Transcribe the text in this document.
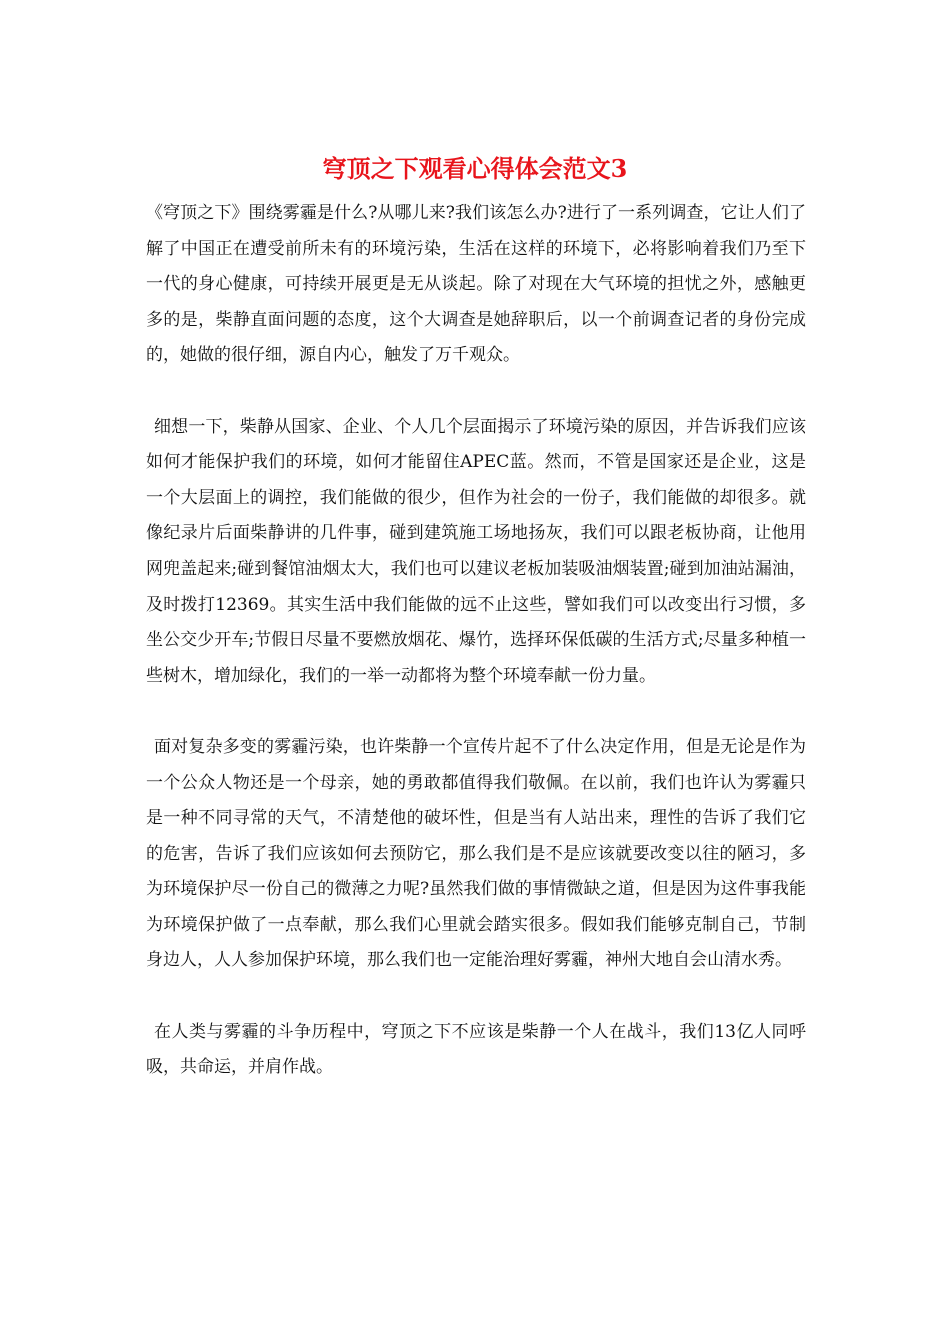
穹顶之下观看心得体会范文3

《穹顶之下》围绕雾霾是什么?从哪儿来?我们该怎么办?进行了一系列调查，它让人们了解了中国正在遭受前所未有的环境污染，生活在这样的环境下，必将影响着我们乃至下一代的身心健康，可持续开展更是无从谈起。除了对现在大气环境的担忧之外，感触更多的是，柴静直面问题的态度，这个大调查是她辞职后，以一个前调查记者的身份完成的，她做的很仔细，源自内心，触发了万千观众。

细想一下，柴静从国家、企业、个人几个层面揭示了环境污染的原因，并告诉我们应该如何才能保护我们的环境，如何才能留住APEC蓝。然而，不管是国家还是企业，这是一个大层面上的调控，我们能做的很少，但作为社会的一份子，我们能做的却很多。就像纪录片后面柴静讲的几件事，碰到建筑施工场地扬灰，我们可以跟老板协商，让他用网兜盖起来;碰到餐馆油烟太大，我们也可以建议老板加装吸油烟装置;碰到加油站漏油，及时拨打12369。其实生活中我们能做的远不止这些，譬如我们可以改变出行习惯，多坐公交少开车;节假日尽量不要燃放烟花、爆竹，选择环保低碳的生活方式;尽量多种植一些树木，增加绿化，我们的一举一动都将为整个环境奉献一份力量。

面对复杂多变的雾霾污染，也许柴静一个宣传片起不了什么决定作用，但是无论是作为一个公众人物还是一个母亲，她的勇敢都值得我们敬佩。在以前，我们也许认为雾霾只是一种不同寻常的天气，不清楚他的破坏性，但是当有人站出来，理性的告诉了我们它的危害，告诉了我们应该如何去预防它，那么我们是不是应该就要改变以往的陋习，多为环境保护尽一份自己的微薄之力呢?虽然我们做的事情微缺之道，但是因为这件事我能为环境保护做了一点奉献，那么我们心里就会踏实很多。假如我们能够克制自己，节制身边人，人人参加保护环境，那么我们也一定能治理好雾霾，神州大地自会山清水秀。

在人类与雾霾的斗争历程中，穹顶之下不应该是柴静一个人在战斗，我们13亿人同呼吸，共命运，并肩作战。
